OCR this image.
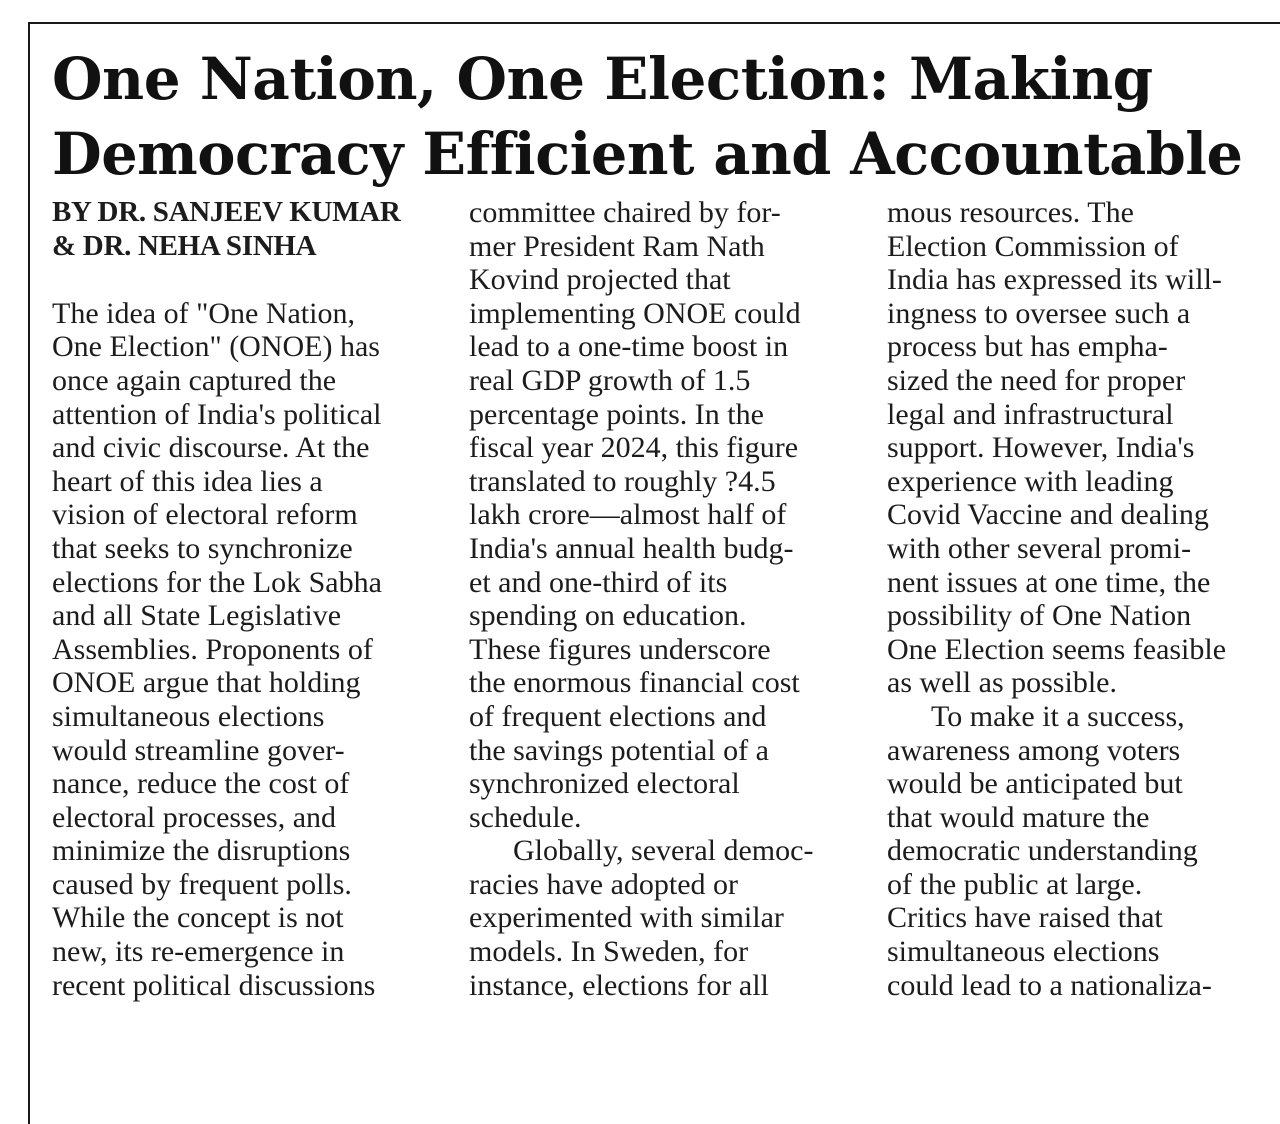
One Nation, One Election: Making
Democracy Efficient and Accountable
BY DR. SANJEEV KUMAR
& DR. NEHA SINHA
The idea of "One Nation,
One Election" (ONOE) has
once again captured the
attention of India's political
and civic discourse. At the
heart of this idea lies a
vision of electoral reform
that seeks to synchronize
elections for the Lok Sabha
and all State Legislative
Assemblies. Proponents of
ONOE argue that holding
simultaneous elections
would streamline gover-
nance, reduce the cost of
electoral processes, and
minimize the disruptions
caused by frequent polls.
While the concept is not
new, its re-emergence in
recent political discussions
committee chaired by for-
mer President Ram Nath
Kovind projected that
implementing ONOE could
lead to a one-time boost in
real GDP growth of 1.5
percentage points. In the
fiscal year 2024, this figure
translated to roughly ?4.5
lakh crore—almost half of
India's annual health budg-
et and one-third of its
spending on education.
These figures underscore
the enormous financial cost
of frequent elections and
the savings potential of a
synchronized electoral
schedule.
Globally, several democ-
racies have adopted or
experimented with similar
models. In Sweden, for
instance, elections for all
mous resources. The
Election Commission of
India has expressed its will-
ingness to oversee such a
process but has empha-
sized the need for proper
legal and infrastructural
support. However, India's
experience with leading
Covid Vaccine and dealing
with other several promi-
nent issues at one time, the
possibility of One Nation
One Election seems feasible
as well as possible.
To make it a success,
awareness among voters
would be anticipated but
that would mature the
democratic understanding
of the public at large.
Critics have raised that
simultaneous elections
could lead to a nationaliza-
